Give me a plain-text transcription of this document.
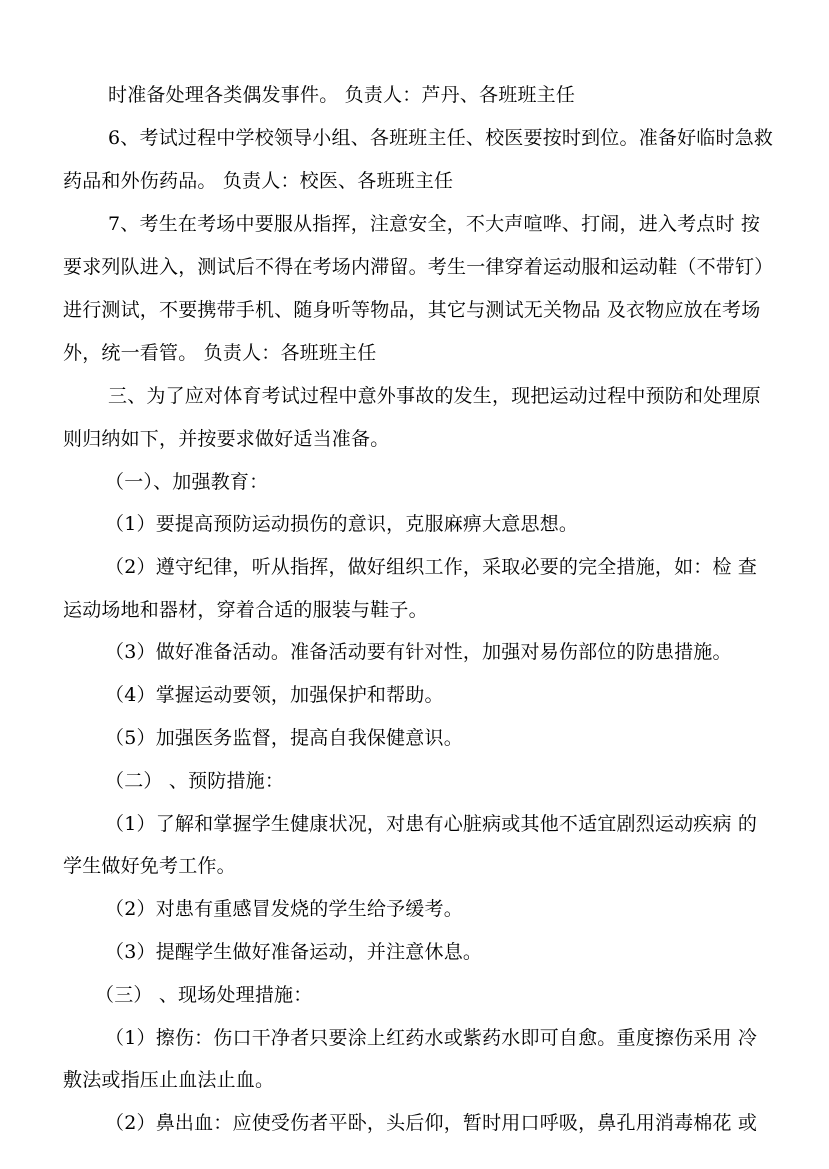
时准备处理各类偶发事件。 负责人：芦丹、各班班主任
6、考试过程中学校领导小组、各班班主任、校医要按时到位。准备好临时急救
药品和外伤药品。 负责人：校医、各班班主任
7、考生在考场中要服从指挥，注意安全，不大声喧哗、打闹，进入考点时 按
要求列队进入，测试后不得在考场内滞留。考生一律穿着运动服和运动鞋（不带钉）
进行测试，不要携带手机、随身听等物品，其它与测试无关物品 及衣物应放在考场
外，统一看管。 负责人：各班班主任
三、为了应对体育考试过程中意外事故的发生，现把运动过程中预防和处理原
则归纳如下，并按要求做好适当准备。
（一）、加强教育：
（1）要提高预防运动损伤的意识，克服麻痹大意思想。
（2）遵守纪律，听从指挥，做好组织工作，采取必要的完全措施，如：检 查
运动场地和器材，穿着合适的服装与鞋子。
（3）做好准备活动。准备活动要有针对性，加强对易伤部位的防患措施。
（4）掌握运动要领，加强保护和帮助。
（5）加强医务监督，提高自我保健意识。
（二） 、预防措施：
（1）了解和掌握学生健康状况，对患有心脏病或其他不适宜剧烈运动疾病 的
学生做好免考工作。
（2）对患有重感冒发烧的学生给予缓考。
（3）提醒学生做好准备运动，并注意休息。
（三） 、现场处理措施：
（1）擦伤：伤口干净者只要涂上红药水或紫药水即可自愈。重度擦伤采用 冷
敷法或指压止血法止血。
（2）鼻出血：应使受伤者平卧，头后仰，暂时用口呼吸，鼻孔用消毒棉花 或
